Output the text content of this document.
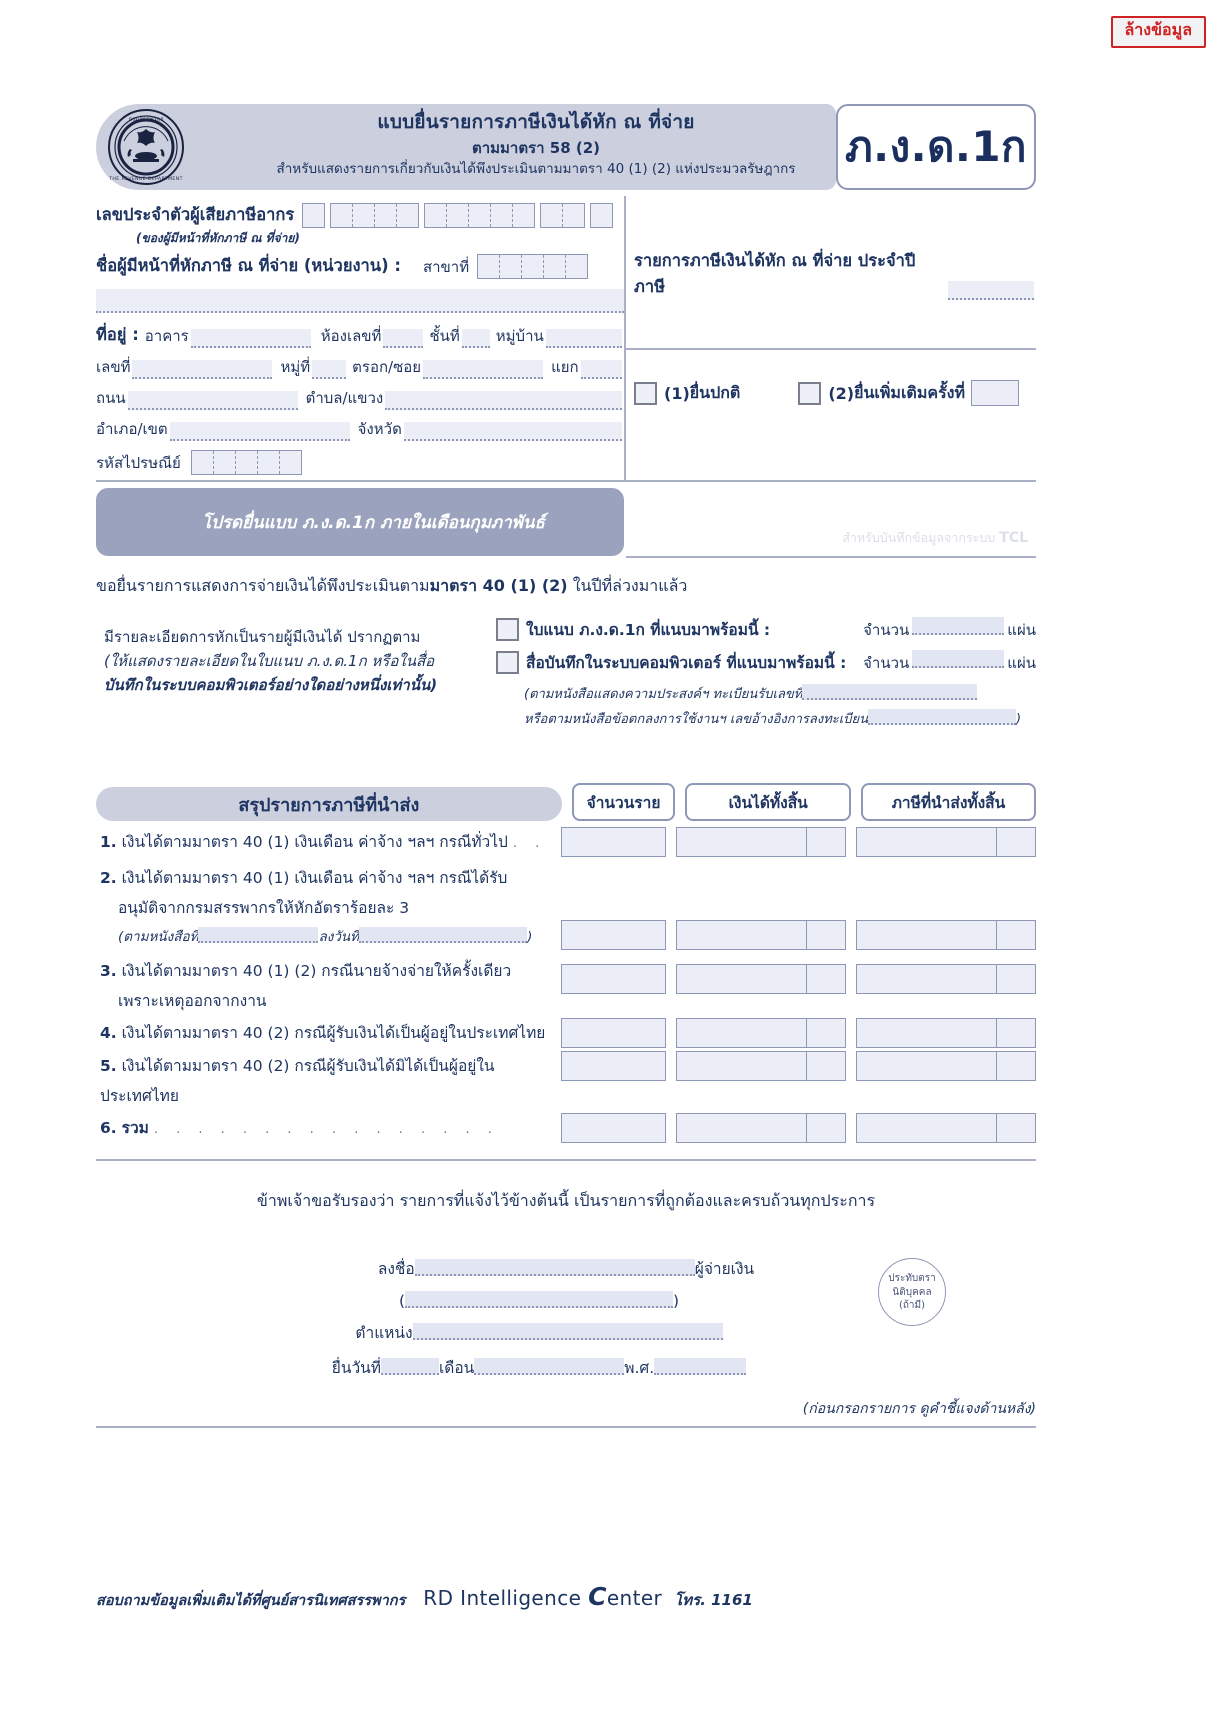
ล้างข้อมูล
กรมสรรพากร
THE REVENUE DEPARTMENT
แบบยื่นรายการภาษีเงินได้หัก ณ ที่จ่าย
ตามมาตรา 58 (2)
สำหรับแสดงรายการเกี่ยวกับเงินได้พึงประเมินตามมาตรา 40 (1) (2) แห่งประมวลรัษฎากร	ภ.ง.ด.1ก
เลขประจำตัวผู้เสียภาษีอากร
(ของผู้มีหน้าที่หักภาษี ณ ที่จ่าย)
ชื่อผู้มีหน้าที่หักภาษี ณ ที่จ่าย (หน่วยงาน) : สาขาที่
ที่อยู่ : อาคาร	ห้องเลขที่	ชั้นที่ หมู่บ้าน
เลขที่	หมู่ที่	ตรอก/ซอย	แยก
ถนน	ตำบล/แขวง
อำเภอ/เขต	จังหวัด
รหัสไปรษณีย์
รายการภาษีเงินได้หัก ณ ที่จ่าย ประจำปีภาษี
(1) ยื่นปกติ	(2) ยื่นเพิ่มเติมครั้งที่
โปรดยื่นแบบ ภ.ง.ด.1ก ภายในเดือนกุมภาพันธ์
สำหรับบันทึกข้อมูลจากระบบ TCL
ขอยื่นรายการแสดงการจ่ายเงินได้พึงประเมินตามมาตรา 40 (1) (2) ในปีที่ล่วงมาแล้ว
มีรายละเอียดการหักเป็นรายผู้มีเงินได้ ปรากฏตาม
(ให้แสดงรายละเอียดในใบแนบ ภ.ง.ด.1ก หรือในสื่อ
บันทึกในระบบคอมพิวเตอร์อย่างใดอย่างหนึ่งเท่านั้น)
ใบแนบ ภ.ง.ด.1ก ที่แนบมาพร้อมนี้ :	จำนวน	แผ่น
สื่อบันทึกในระบบคอมพิวเตอร์ ที่แนบมาพร้อมนี้ : จำนวน	แผ่น
(ตามหนังสือแสดงความประสงค์ฯ ทะเบียนรับเลขที่
หรือตามหนังสือข้อตกลงการใช้งานฯ เลขอ้างอิงการลงทะเบียน	)
สรุปรายการภาษีที่นำส่ง	จำนวนราย	เงินได้ทั้งสิ้น	ภาษีที่นำส่งทั้งสิ้น
1. เงินได้ตามมาตรา 40 (1) เงินเดือน ค่าจ้าง ฯลฯ กรณีทั่วไป . .
2. เงินได้ตามมาตรา 40 (1) เงินเดือน ค่าจ้าง ฯลฯ กรณีได้รับ
อนุมัติจากกรมสรรพากรให้หักอัตราร้อยละ 3
(ตามหนังสือที่	ลงวันที่	)
3. เงินได้ตามมาตรา 40 (1) (2) กรณีนายจ้างจ่ายให้ครั้งเดียว
เพราะเหตุออกจากงาน
4. เงินได้ตามมาตรา 40 (2) กรณีผู้รับเงินได้เป็นผู้อยู่ในประเทศไทย
5. เงินได้ตามมาตรา 40 (2) กรณีผู้รับเงินได้มิได้เป็นผู้อยู่ในประเทศไทย
6. รวม . . . . . . . . . . . . . . . .
ข้าพเจ้าขอรับรองว่า รายการที่แจ้งไว้ข้างต้นนี้ เป็นรายการที่ถูกต้องและครบถ้วนทุกประการ
ลงชื่อ	ผู้จ่ายเงิน
(	)
ตำแหน่ง
ยื่นวันที่	เดือน	พ.ศ.
ประทับตรา
นิติบุคคล
(ถ้ามี)
(ก่อนกรอกรายการ ดูคำชี้แจงด้านหลัง)
สอบถามข้อมูลเพิ่มเติมได้ที่ศูนย์สารนิเทศสรรพากร RD Intelligence Center โทร. 1161
